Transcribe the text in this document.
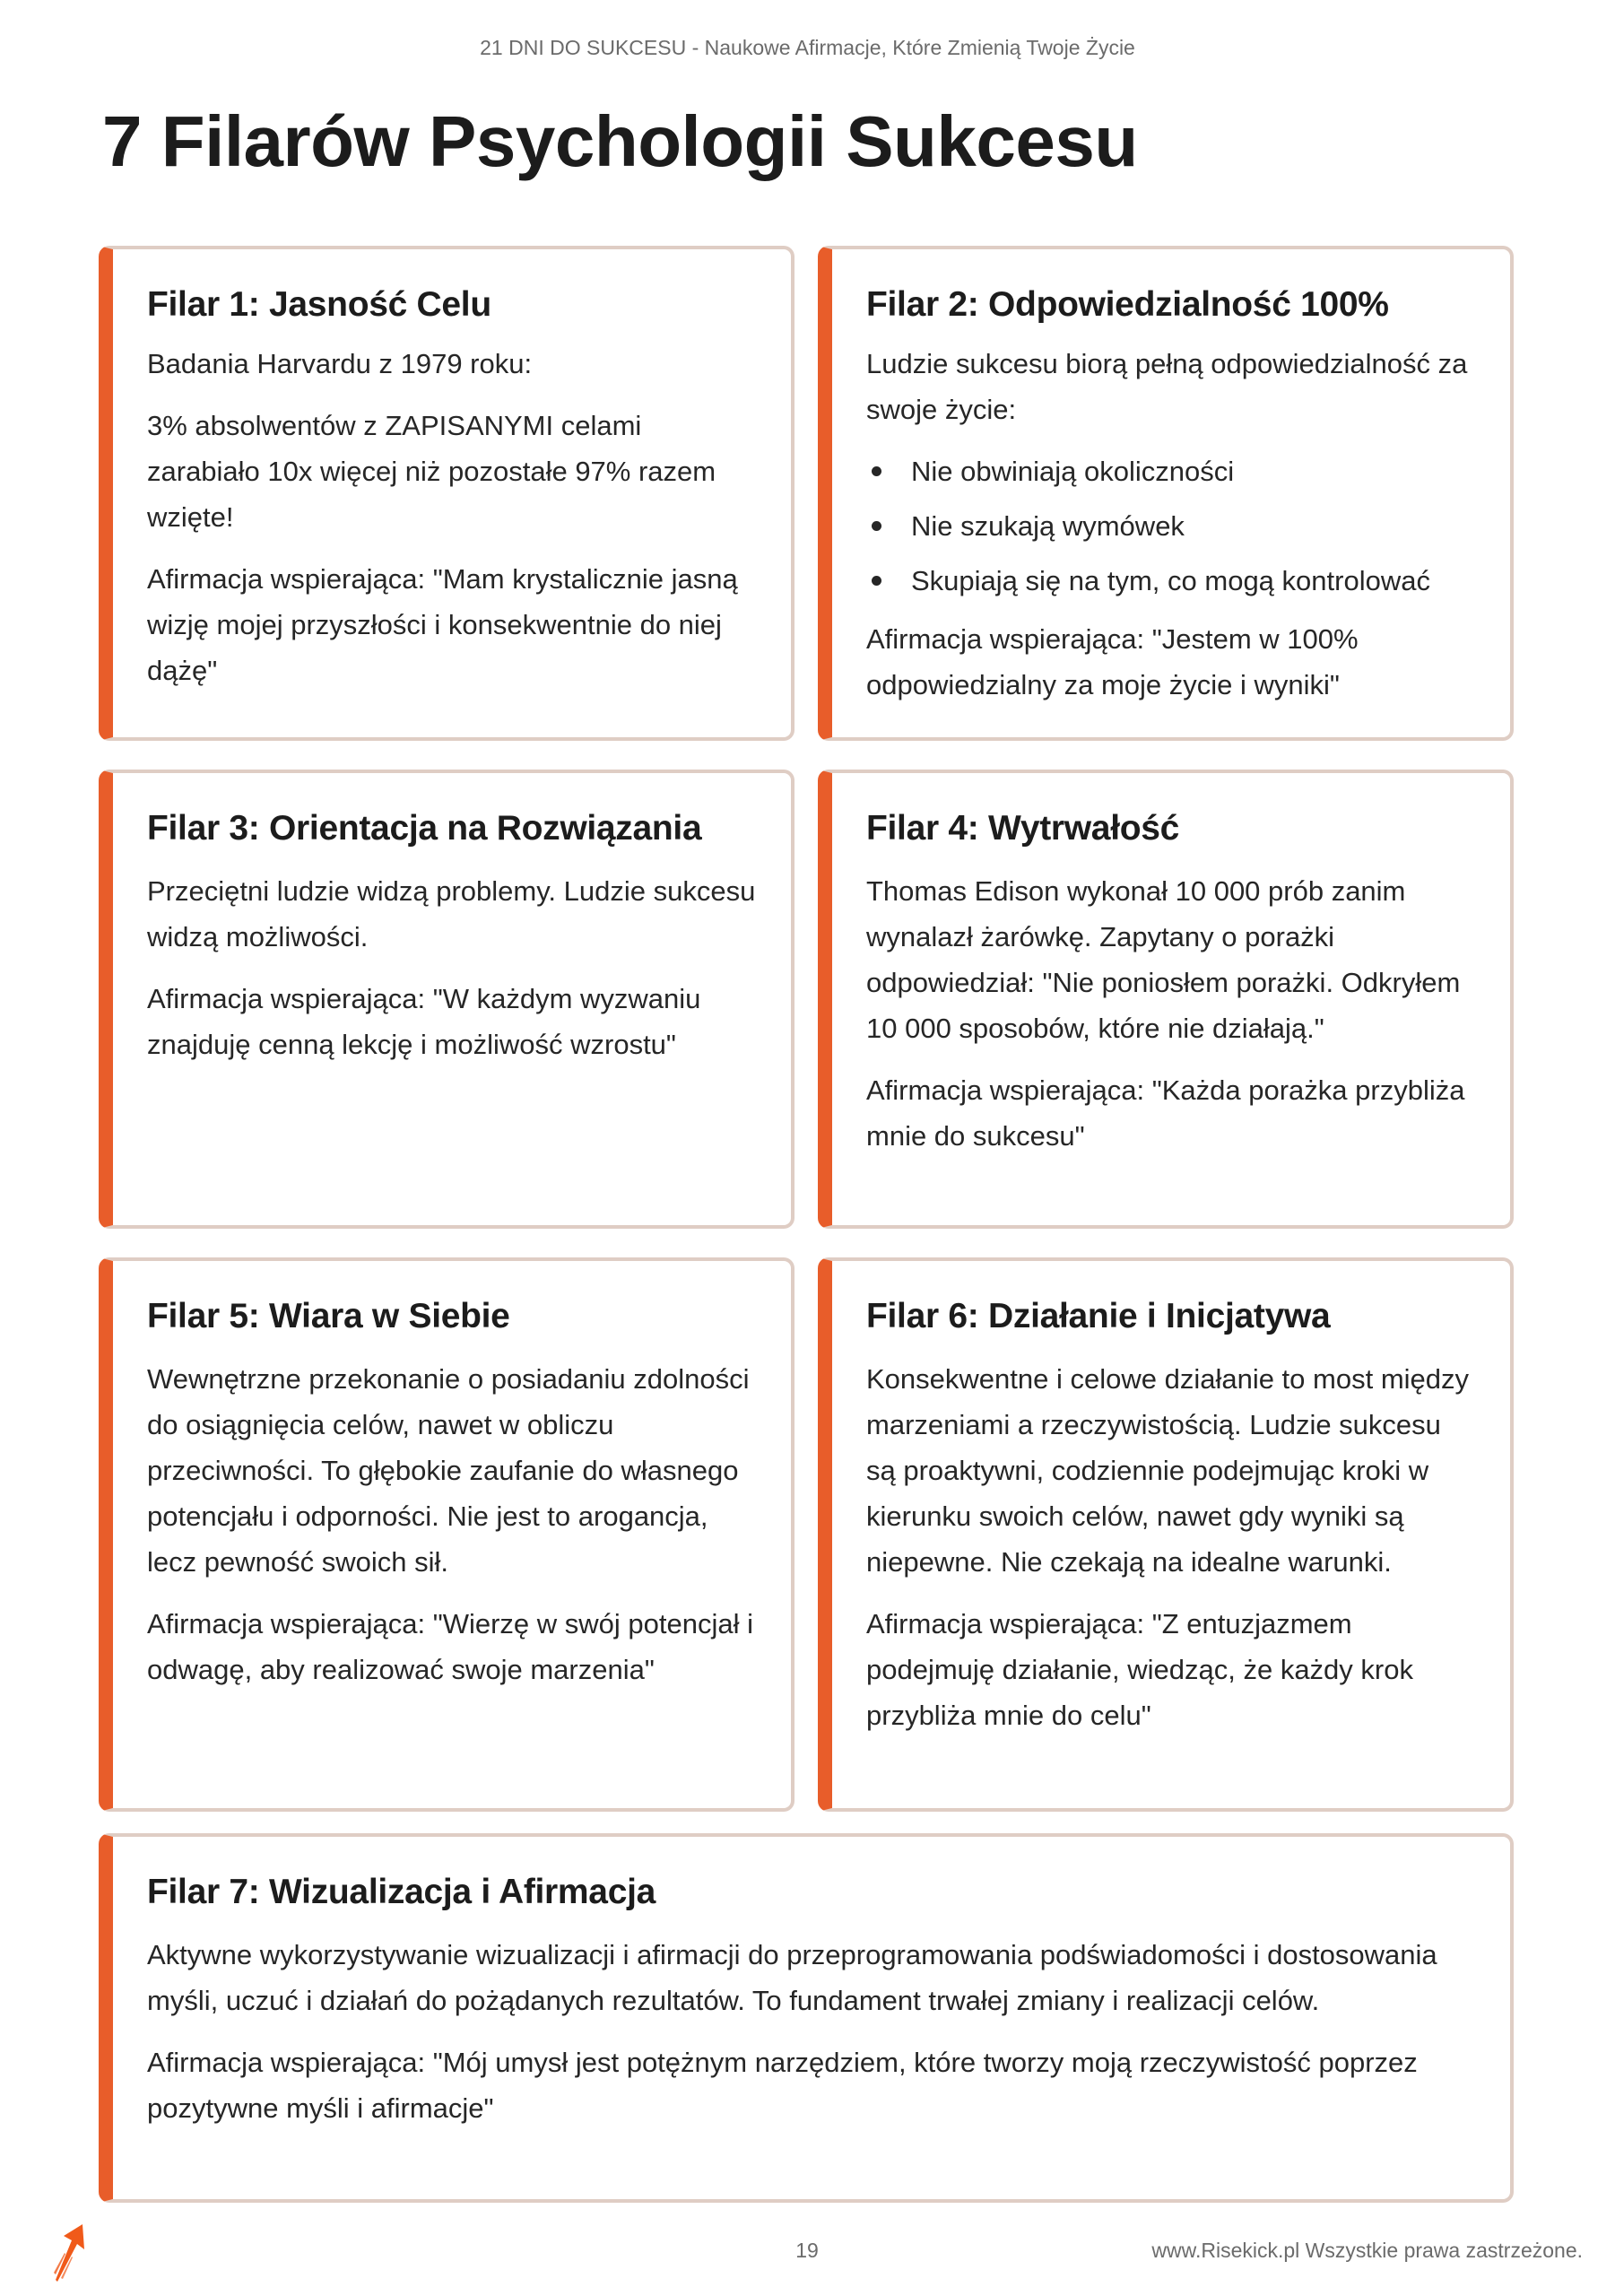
21 DNI DO SUKCESU - Naukowe Afirmacje, Które Zmienią Twoje Życie
7 Filarów Psychologii Sukcesu
Filar 1: Jasność Celu

Badania Harvardu z 1979 roku:

3% absolwentów z ZAPISANYMI celami zarabiało 10x więcej niż pozostałe 97% razem wzięte!

Afirmacja wspierająca: "Mam krystalicznie jasną wizję mojej przyszłości i konsekwentnie do niej dążę"

Filar 2: Odpowiedzialność 100%

Ludzie sukcesu biorą pełną odpowiedzialność za swoje życie:

Nie obwiniają okoliczności
Nie szukają wymówek
Skupiają się na tym, co mogą kontrolować

Afirmacja wspierająca: "Jestem w 100% odpowiedzialny za moje życie i wyniki"

Filar 3: Orientacja na Rozwiązania

Przeciętni ludzie widzą problemy. Ludzie sukcesu widzą możliwości.

Afirmacja wspierająca: "W każdym wyzwaniu znajduję cenną lekcję i możliwość wzrostu"

Filar 4: Wytrwałość

Thomas Edison wykonał 10 000 prób zanim wynalazł żarówkę. Zapytany o porażki odpowiedział: "Nie poniosłem porażki. Odkryłem 10 000 sposobów, które nie działają."

Afirmacja wspierająca: "Każda porażka przybliża mnie do sukcesu"

Filar 5: Wiara w Siebie

Wewnętrzne przekonanie o posiadaniu zdolności do osiągnięcia celów, nawet w obliczu przeciwności. To głębokie zaufanie do własnego potencjału i odporności. Nie jest to arogancja, lecz pewność swoich sił.

Afirmacja wspierająca: "Wierzę w swój potencjał i odwagę, aby realizować swoje marzenia"

Filar 6: Działanie i Inicjatywa

Konsekwentne i celowe działanie to most między marzeniami a rzeczywistością. Ludzie sukcesu są proaktywni, codziennie podejmując kroki w kierunku swoich celów, nawet gdy wyniki są niepewne. Nie czekają na idealne warunki.

Afirmacja wspierająca: "Z entuzjazmem podejmuję działanie, wiedząc, że każdy krok przybliża mnie do celu"

Filar 7: Wizualizacja i Afirmacja

Aktywne wykorzystywanie wizualizacji i afirmacji do przeprogramowania podświadomości i dostosowania myśli, uczuć i działań do pożądanych rezultatów. To fundament trwałej zmiany i realizacji celów.

Afirmacja wspierająca: "Mój umysł jest potężnym narzędziem, które tworzy moją rzeczywistość poprzez pozytywne myśli i afirmacje"

19	www.Risekick.pl Wszystkie prawa zastrzeżone.
